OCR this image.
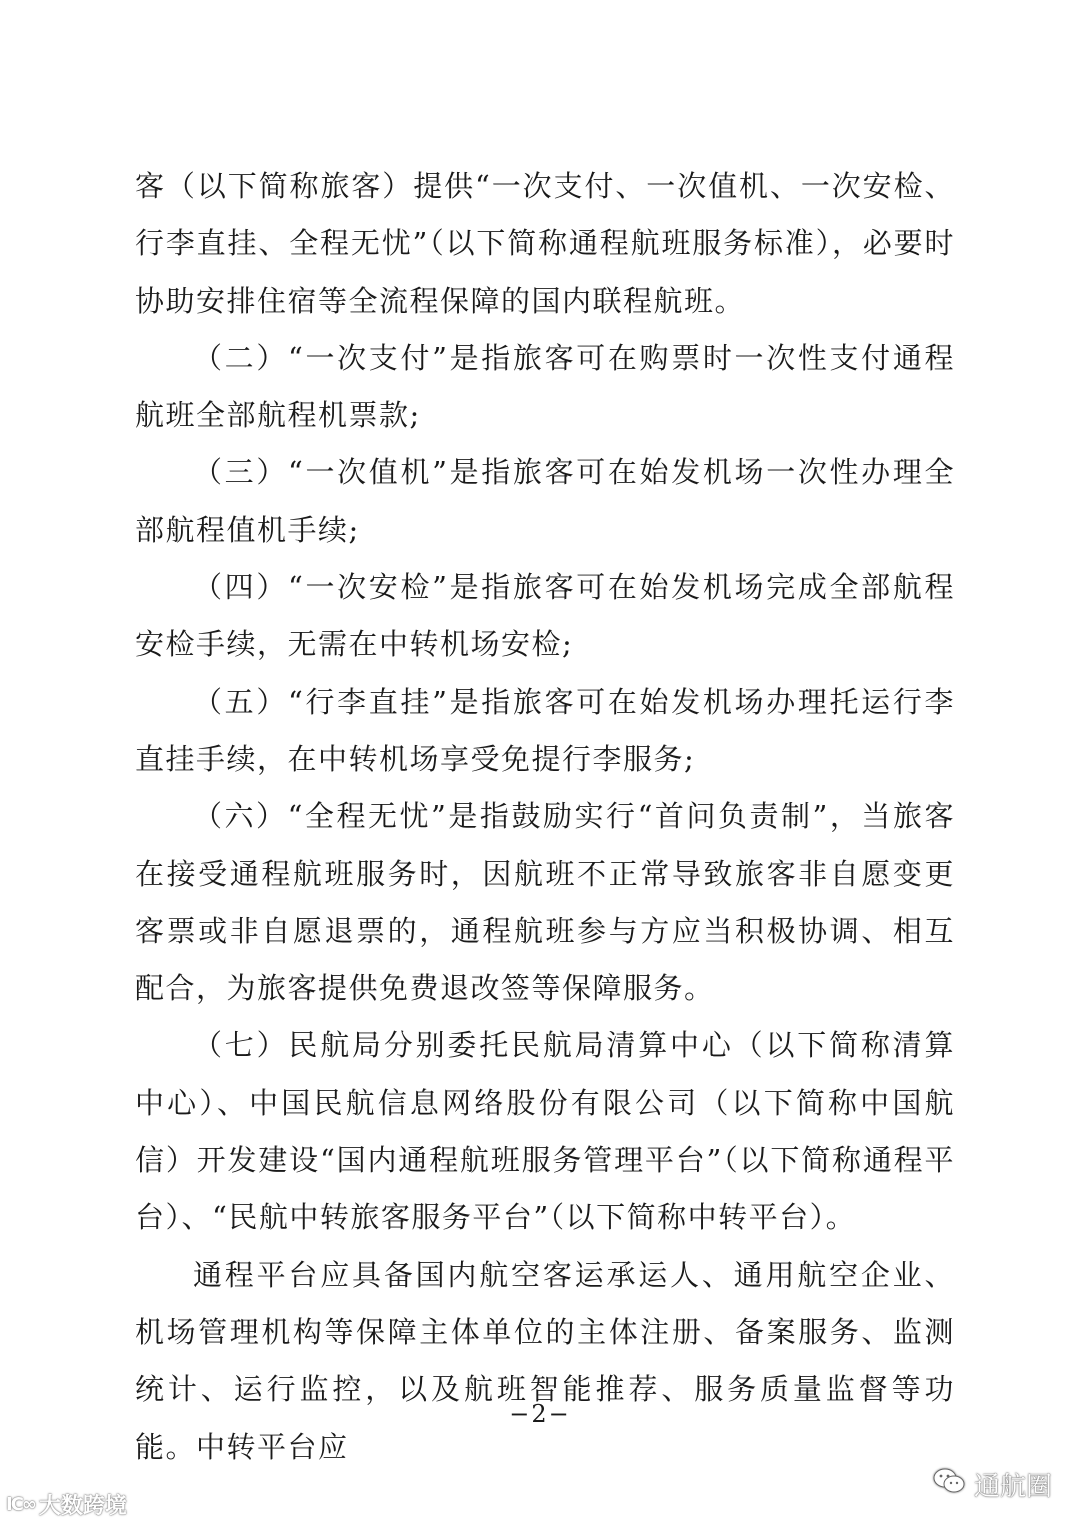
客（以下简称旅客）提供“一次支付、一次值机、一次安检、行李直挂、全程无忧”（以下简称通程航班服务标准），必要时协助安排住宿等全流程保障的国内联程航班。

（二）“一次支付”是指旅客可在购票时一次性支付通程航班全部航程机票款;

（三）“一次值机”是指旅客可在始发机场一次性办理全部航程值机手续;

（四）“一次安检”是指旅客可在始发机场完成全部航程安检手续，无需在中转机场安检;

（五）“行李直挂”是指旅客可在始发机场办理托运行李直挂手续，在中转机场享受免提行李服务;

（六）“全程无忧”是指鼓励实行“首问负责制”，当旅客在接受通程航班服务时，因航班不正常导致旅客非自愿变更客票或非自愿退票的，通程航班参与方应当积极协调、相互配合，为旅客提供免费退改签等保障服务。

（七）民航局分别委托民航局清算中心（以下简称清算中心）、中国民航信息网络股份有限公司（以下简称中国航信）开发建设“国内通程航班服务管理平台”（以下简称通程平台）、“民航中转旅客服务平台”（以下简称中转平台）。

通程平台应具备国内航空客运承运人、通用航空企业、机场管理机构等保障主体单位的主体注册、备案服务、监测统计、运行监控，以及航班智能推荐、服务质量监督等功能。中转平台应

−2−
IC∞ 大数跨境
通航圈
